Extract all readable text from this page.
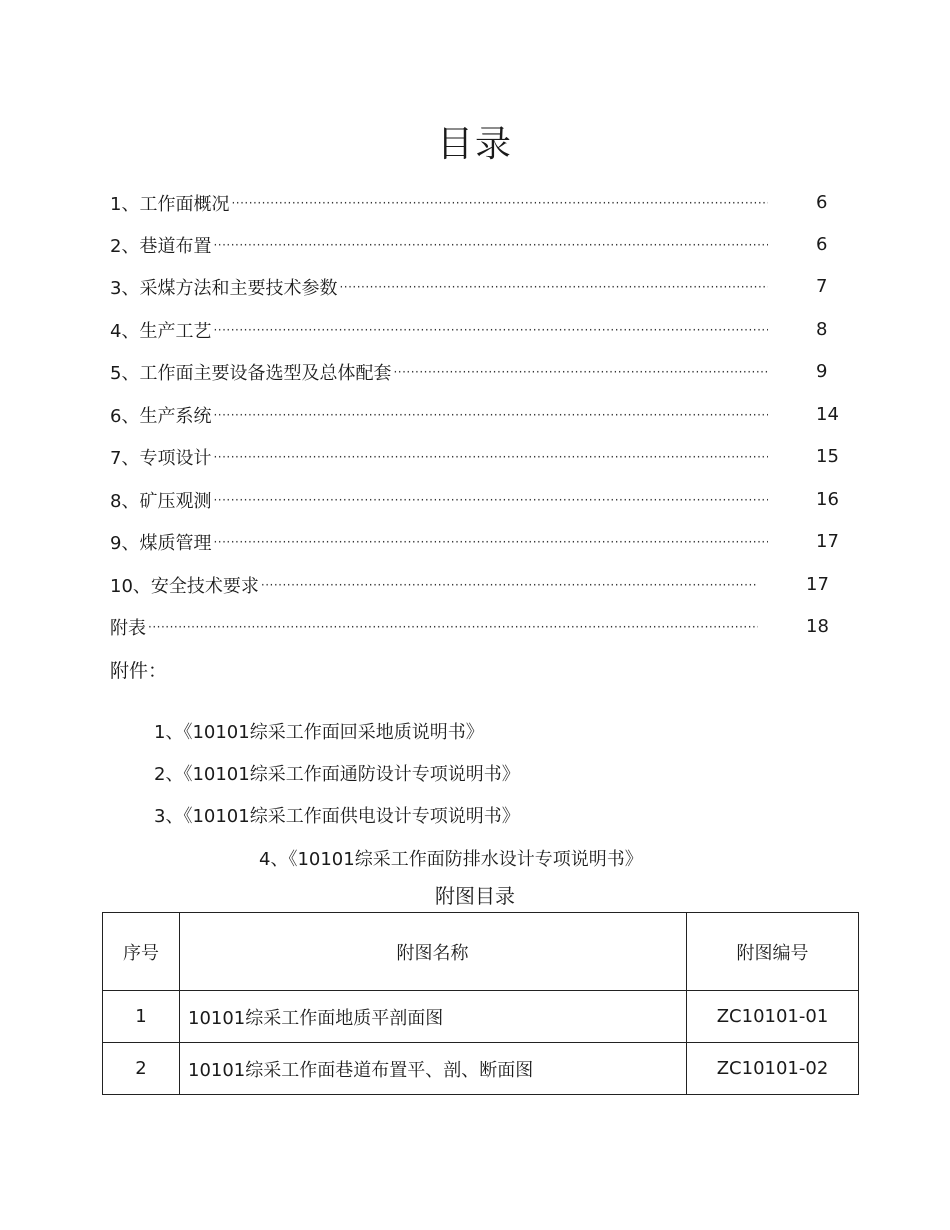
目录
1、工作面概况 ·····	6
2、巷道布置 ·····	6
3、采煤方法和主要技术参数 ·····	7
4、生产工艺 ·····	8
5、工作面主要设备选型及总体配套 ·····	9
6、生产系统 ·····	14
7、专项设计 ·····	15
8、矿压观测 ·····	16
9、煤质管理 ·····	17
10、安全技术要求 ·····	17
附表 ·····	18
附件：
1、《10101综采工作面回采地质说明书》
2、《10101综采工作面通防设计专项说明书》
3、《10101综采工作面供电设计专项说明书》
4、《10101综采工作面防排水设计专项说明书》
附图目录
序号	附图名称	附图编号
1	10101综采工作面地质平剖面图	ZC10101-01
2	10101综采工作面巷道布置平、剖、断面图	ZC10101-02
